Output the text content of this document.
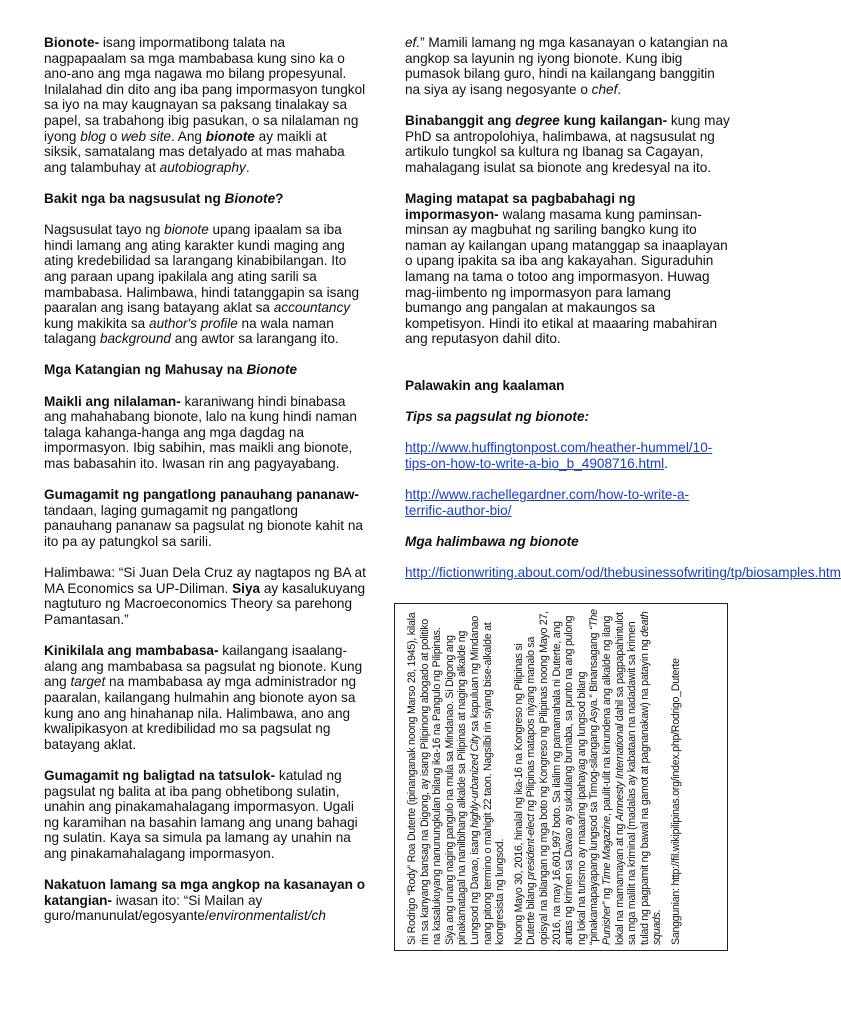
Bionote- isang impormatibong talata na nagpapaalam sa mga mambabasa kung sino ka o ano-ano ang mga nagawa mo bilang propesyunal. Inilalahad din dito ang iba pang impormasyon tungkol sa iyo na may kaugnayan sa paksang tinalakay sa papel, sa trabahong ibig pasukan, o sa nilalaman ng iyong blog o web site. Ang bionote ay maikli at siksik, samatalang mas detalyado at mas mahaba ang talambuhay at autobiography.

Bakit nga ba nagsusulat ng Bionote?

Nagsusulat tayo ng bionote upang ipaalam sa iba hindi lamang ang ating karakter kundi maging ang ating kredebilidad sa larangang kinabibilangan. Ito ang paraan upang ipakilala ang ating sarili sa mambabasa. Halimbawa, hindi tatanggapin sa isang paaralan ang isang batayang aklat sa accountancy kung makikita sa author's profile na wala naman talagang background ang awtor sa larangang ito.

Mga Katangian ng Mahusay na Bionote

Maikli ang nilalaman- karaniwang hindi binabasa ang mahahabang bionote, lalo na kung hindi naman talaga kahanga-hanga ang mga dagdag na impormasyon. Ibig sabihin, mas maikli ang bionote, mas babasahin ito. Iwasan rin ang pagyayabang.

Gumagamit ng pangatlong panauhang pananaw- tandaan, laging gumagamit ng pangatlong panauhang pananaw sa pagsulat ng bionote kahit na ito pa ay patungkol sa sarili.

Halimbawa: “Si Juan Dela Cruz ay nagtapos ng BA at MA Economics sa UP-Diliman. Siya ay kasalukuyang nagtuturo ng Macroeconomics Theory sa parehong Pamantasan.”

Kinikilala ang mambabasa- kailangang isaalang-alang ang mambabasa sa pagsulat ng bionote. Kung ang target na mambabasa ay mga administrador ng paaralan, kailangang hulmahin ang bionote ayon sa kung ano ang hinahanap nila. Halimbawa, ano ang kwalipikasyon at kredibilidad mo sa pagsulat ng batayang aklat.

Gumagamit ng baligtad na tatsulok- katulad ng pagsulat ng balita at iba pang obhetibong sulatin, unahin ang pinakamahalagang impormasyon. Ugali ng karamihan na basahin lamang ang unang bahagi ng sulatin. Kaya sa simula pa lamang ay unahin na ang pinakamahalagang impormasyon.

Nakatuon lamang sa mga angkop na kasanayan o katangian- iwasan ito: “Si Mailan ay guro/manunulat/egosyante/environmentalist/ch

ef.” Mamili lamang ng mga kasanayan o katangian na angkop sa layunin ng iyong bionote. Kung ibig pumasok bilang guro, hindi na kailangang banggitin na siya ay isang negosyante o chef.

Binabanggit ang degree kung kailangan- kung may PhD sa antropolohiya, halimbawa, at nagsusulat ng artikulo tungkol sa kultura ng Ibanag sa Cagayan, mahalagang isulat sa bionote ang kredesyal na ito.

Maging matapat sa pagbabahagi ng impormasyon- walang masama kung paminsan-minsan ay magbuhat ng sariling bangko kung ito naman ay kailangan upang matanggap sa inaaplayan o upang ipakita sa iba ang kakayahan. Siguraduhin lamang na tama o totoo ang impormasyon. Huwag mag-iimbento ng impormasyon para lamang bumango ang pangalan at makaungos sa kompetisyon. Hindi ito etikal at maaaring mabahiran ang reputasyon dahil dito.

Palawakin ang kaalaman

Tips sa pagsulat ng bionote:

http://www.huffingtonpost.com/heather-hummel/10-tips-on-how-to-write-a-bio_b_4908716.html.

http://www.rachellegardner.com/how-to-write-a-terrific-author-bio/

Mga halimbawa ng bionote

http://fictionwriting.about.com/od/thebusinessofwriting/tp/biosamples.htm

Si Rodrigo “Rody” Roa Duterte (ipinanganak noong Marso 28, 1945), kilala rin sa kanyang bansag na Digong, ay isang Pilipinong abogado at politiko na kasalukuyang nanunungkulan bilang ika-16 na Pangulo ng Pilipinas. Siya ang unang naging pangulo na mula sa Mindanao. Si Digong ang pinakamatagal na nanilbihang alkalde sa Pilipinas at naging alkalde ng Lungsod ng Davao, isang highly-urbanized City sa kapuluan ng Mindanao nang pitong termino o mahigit 22 taon. Nagsilbi rin siyang bise-alkalde at kongresista ng lungsod. Noong Mayo 30, 2016, hinalal ng ika-16 na Kongreso ng Pilipinas si Duterte bilang president-elect ng Pilipinas matapos niyang manalo sa opisyal na bilangan ng mga boto ng Kongreso ng Pilipinas noong Mayo 27, 2016, na may 16,601,997 boto. Sa ilalim ng pamamahala ni Duterte, ang antas ng krimen sa Davao ay sukdulang bumaba, sa punto na ang pulong ng lokal na turismo ay maaaring ipahayag ang lungsod bilang “pinakamapayapang lungsod sa Timog-silangang Asya.” Binansagang “The Punisher” ng Time Magazine, paulit-ulit na kinundena ang alkalde ng ilang lokal na mamamayan at ng Amnesty International dahil sa pagpapahintulot sa mga malilit na kriminal (madalas ay kabataan na nadadawit sa krimen tulad ng pagpamit ng bawal na gamot at pagnanakaw) na patayin ng death squads. Sanggunian: http://fil.wikipilipinas.org/index.php/Rodrigo_Duterte
